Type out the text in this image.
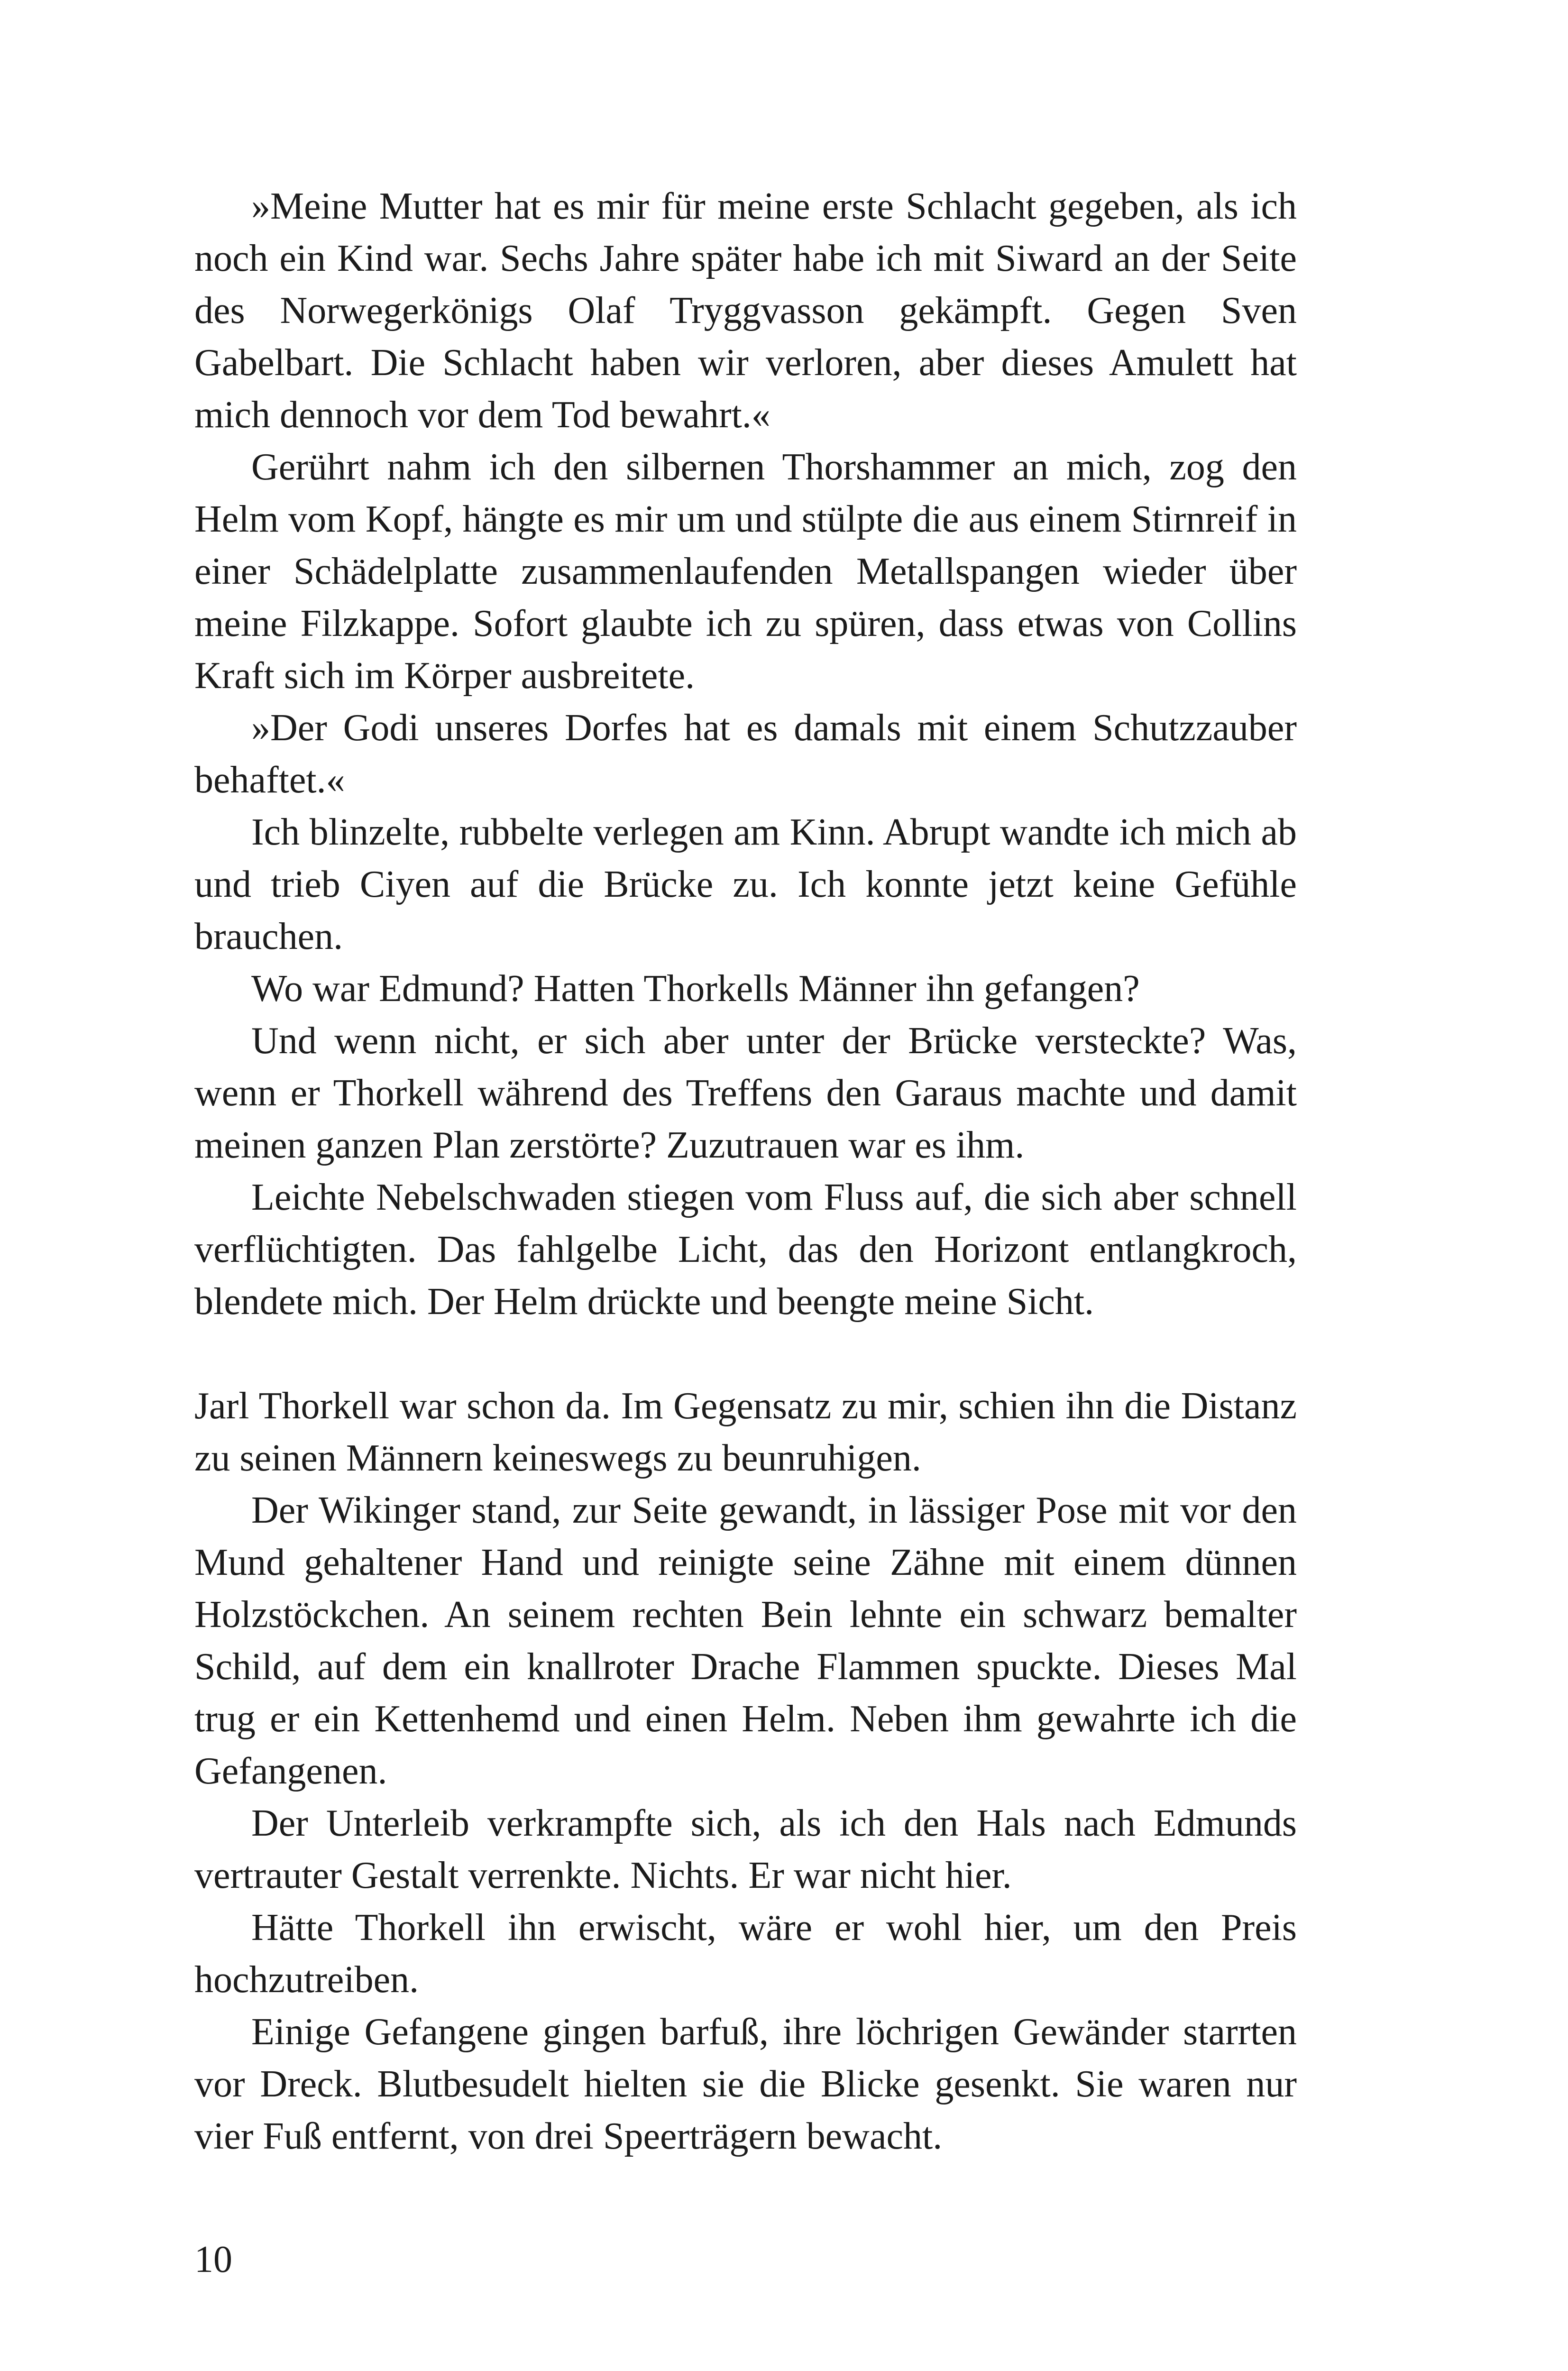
»Meine Mutter hat es mir für meine erste Schlacht gegeben, als ich noch ein Kind war. Sechs Jahre später habe ich mit Siward an der Seite des Norwegerkönigs Olaf Tryggvasson gekämpft. Gegen Sven Gabelbart. Die Schlacht haben wir verloren, aber dieses Amulett hat mich dennoch vor dem Tod bewahrt.«

Gerührt nahm ich den silbernen Thorshammer an mich, zog den Helm vom Kopf, hängte es mir um und stülpte die aus einem Stirnreif in einer Schädelplatte zusammenlaufenden Metallspangen wieder über meine Filzkappe. Sofort glaubte ich zu spüren, dass etwas von Collins Kraft sich im Körper ausbreitete.

»Der Godi unseres Dorfes hat es damals mit einem Schutzzauber behaftet.«

Ich blinzelte, rubbelte verlegen am Kinn. Abrupt wandte ich mich ab und trieb Ciyen auf die Brücke zu. Ich konnte jetzt keine Gefühle brauchen.

Wo war Edmund? Hatten Thorkells Männer ihn gefangen?

Und wenn nicht, er sich aber unter der Brücke versteckte? Was, wenn er Thorkell während des Treffens den Garaus machte und damit meinen ganzen Plan zerstörte? Zuzutrauen war es ihm.

Leichte Nebelschwaden stiegen vom Fluss auf, die sich aber schnell verflüchtigten. Das fahlgelbe Licht, das den Horizont entlangkroch, blendete mich. Der Helm drückte und beengte meine Sicht.

Jarl Thorkell war schon da. Im Gegensatz zu mir, schien ihn die Distanz zu seinen Männern keineswegs zu beunruhigen.

Der Wikinger stand, zur Seite gewandt, in lässiger Pose mit vor den Mund gehaltener Hand und reinigte seine Zähne mit einem dünnen Holzstöckchen. An seinem rechten Bein lehnte ein schwarz bemalter Schild, auf dem ein knallroter Drache Flammen spuckte. Dieses Mal trug er ein Kettenhemd und einen Helm. Neben ihm gewahrte ich die Gefangenen.

Der Unterleib verkrampfte sich, als ich den Hals nach Edmunds vertrauter Gestalt verrenkte. Nichts. Er war nicht hier.

Hätte Thorkell ihn erwischt, wäre er wohl hier, um den Preis hochzutreiben.

Einige Gefangene gingen barfuß, ihre löchrigen Gewänder starrten vor Dreck. Blutbesudelt hielten sie die Blicke gesenkt. Sie waren nur vier Fuß entfernt, von drei Speerträgern bewacht.

10
